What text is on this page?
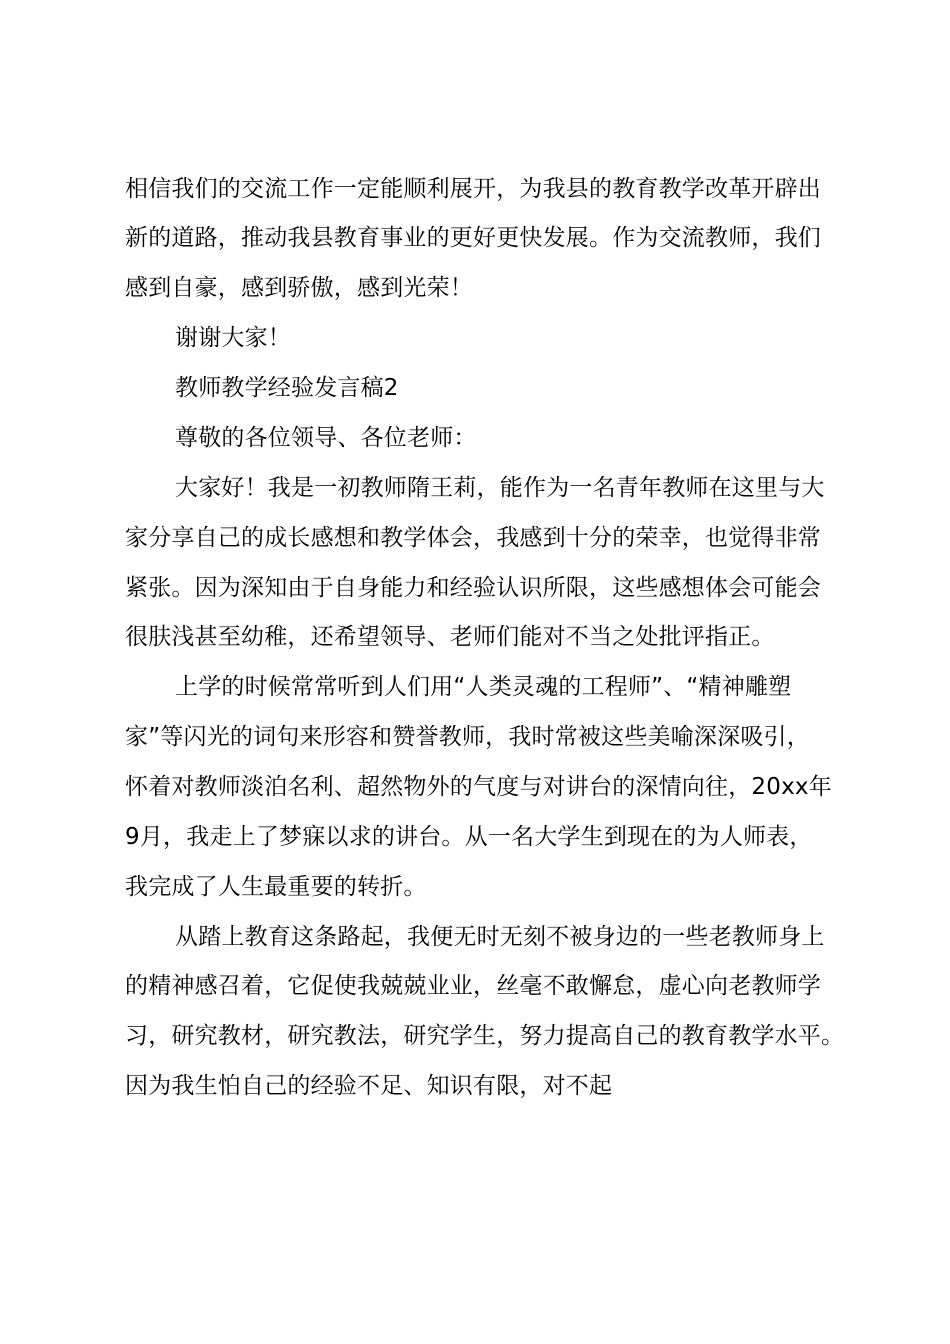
相信我们的交流工作一定能顺利展开，为我县的教育教学改革开辟出
新的道路，推动我县教育事业的更好更快发展。作为交流教师，我们
感到自豪，感到骄傲，感到光荣！
谢谢大家！
教师教学经验发言稿2
尊敬的各位领导、各位老师：
大家好！我是一初教师隋王莉，能作为一名青年教师在这里与大
家分享自己的成长感想和教学体会，我感到十分的荣幸，也觉得非常
紧张。因为深知由于自身能力和经验认识所限，这些感想体会可能会
很肤浅甚至幼稚，还希望领导、老师们能对不当之处批评指正。
上学的时候常常听到人们用“人类灵魂的工程师”、“精神雕塑
家”等闪光的词句来形容和赞誉教师，我时常被这些美喻深深吸引，
怀着对教师淡泊名利、超然物外的气度与对讲台的深情向往，20xx年
9月，我走上了梦寐以求的讲台。从一名大学生到现在的为人师表，
我完成了人生最重要的转折。
从踏上教育这条路起，我便无时无刻不被身边的一些老教师身上
的精神感召着，它促使我兢兢业业，丝毫不敢懈怠，虚心向老教师学
习，研究教材，研究教法，研究学生，努力提高自己的教育教学水平。
因为我生怕自己的经验不足、知识有限，对不起
